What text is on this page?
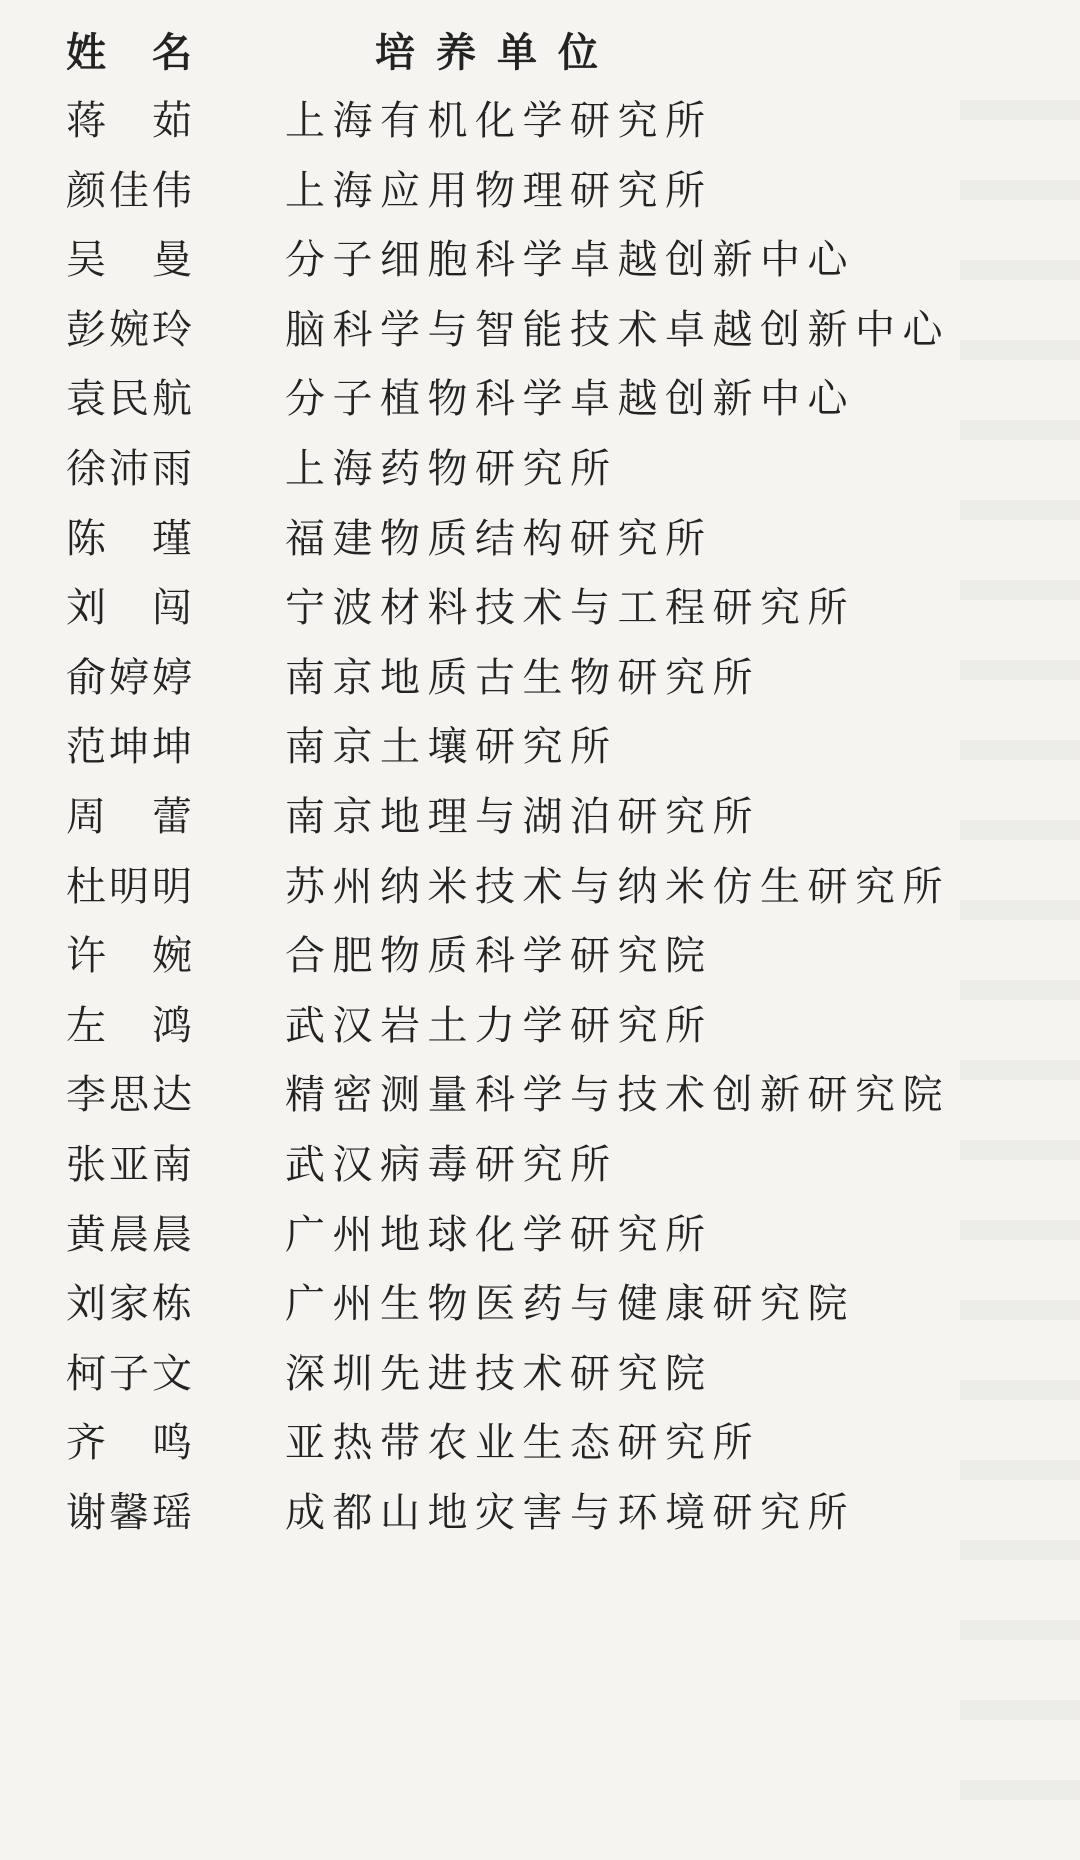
姓 名	培养单位
蒋 茹 上海有机化学研究所
颜佳伟 上海应用物理研究所
吴 曼 分子细胞科学卓越创新中心
彭婉玲 脑科学与智能技术卓越创新中心
袁民航 分子植物科学卓越创新中心
徐沛雨 上海药物研究所
陈 瑾 福建物质结构研究所
刘 闯 宁波材料技术与工程研究所
俞婷婷 南京地质古生物研究所
范坤坤 南京土壤研究所
周 蕾 南京地理与湖泊研究所
杜明明 苏州纳米技术与纳米仿生研究所
许 婉 合肥物质科学研究院
左 鸿 武汉岩土力学研究所
李思达 精密测量科学与技术创新研究院
张亚南 武汉病毒研究所
黄晨晨 广州地球化学研究所
刘家栋 广州生物医药与健康研究院
柯子文 深圳先进技术研究院
齐 鸣 亚热带农业生态研究所
谢馨瑶 成都山地灾害与环境研究所
